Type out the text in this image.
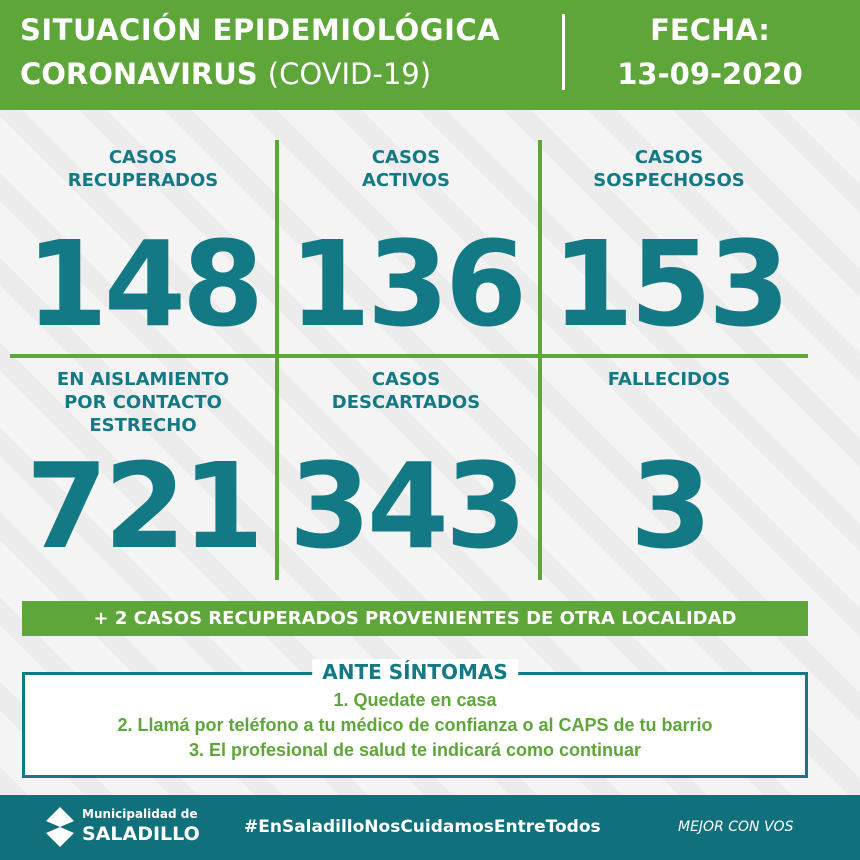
SITUACIÓN EPIDEMIOLÓGICA
CORONAVIRUS (COVID-19)
FECHA:
13-09-2020
CASOS
RECUPERADOS
148
CASOS
ACTIVOS
136
CASOS
SOSPECHOSOS
153
EN AISLAMIENTO
POR CONTACTO
ESTRECHO
721
CASOS
DESCARTADOS
343
FALLECIDOS
3
+ 2 CASOS RECUPERADOS PROVENIENTES DE OTRA LOCALIDAD
ANTE SÍNTOMAS
1. Quedate en casa
2. Llamá por teléfono a tu médico de confianza o al CAPS de tu barrio
3. El profesional de salud te indicará como continuar
Municipalidad de
SALADILLO	#EnSaladilloNosCuidamosEntreTodos	MEJOR CON VOS
